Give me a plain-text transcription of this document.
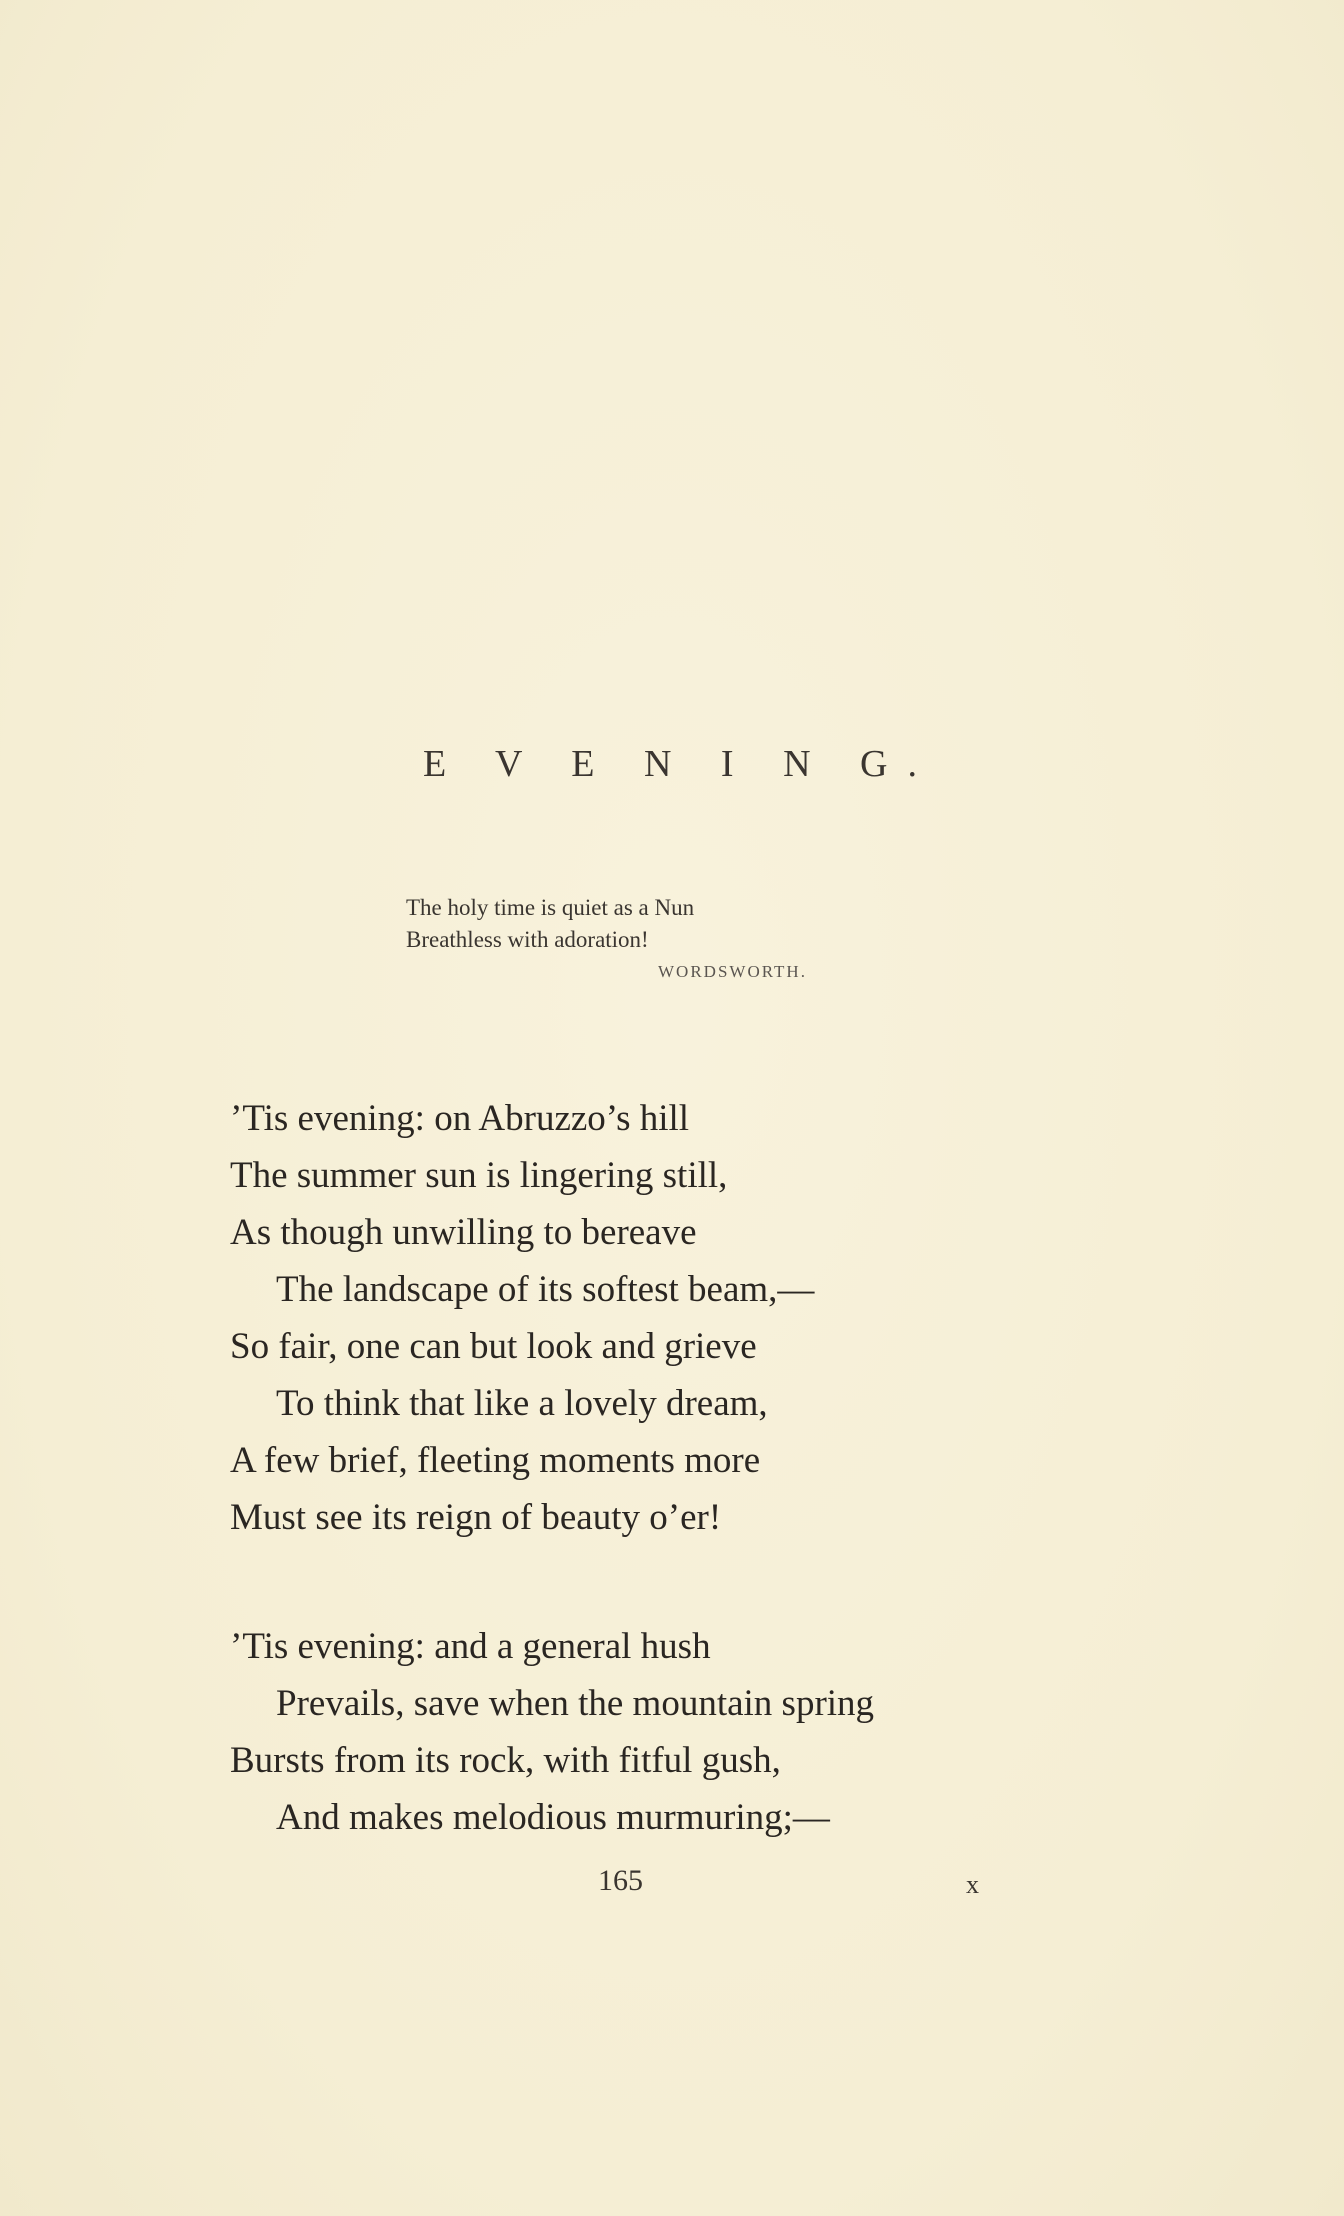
E V E N I N G.
The holy time is quiet as a Nun
Breathless with adoration!
WORDSWORTH.
’Tis evening: on Abruzzo’s hill
The summer sun is lingering still,
As though unwilling to bereave
The landscape of its softest beam,—
So fair, one can but look and grieve
To think that like a lovely dream,
A few brief, fleeting moments more
Must see its reign of beauty o’er!
’Tis evening: and a general hush
Prevails, save when the mountain spring
Bursts from its rock, with fitful gush,
And makes melodious murmuring;—
165	x
